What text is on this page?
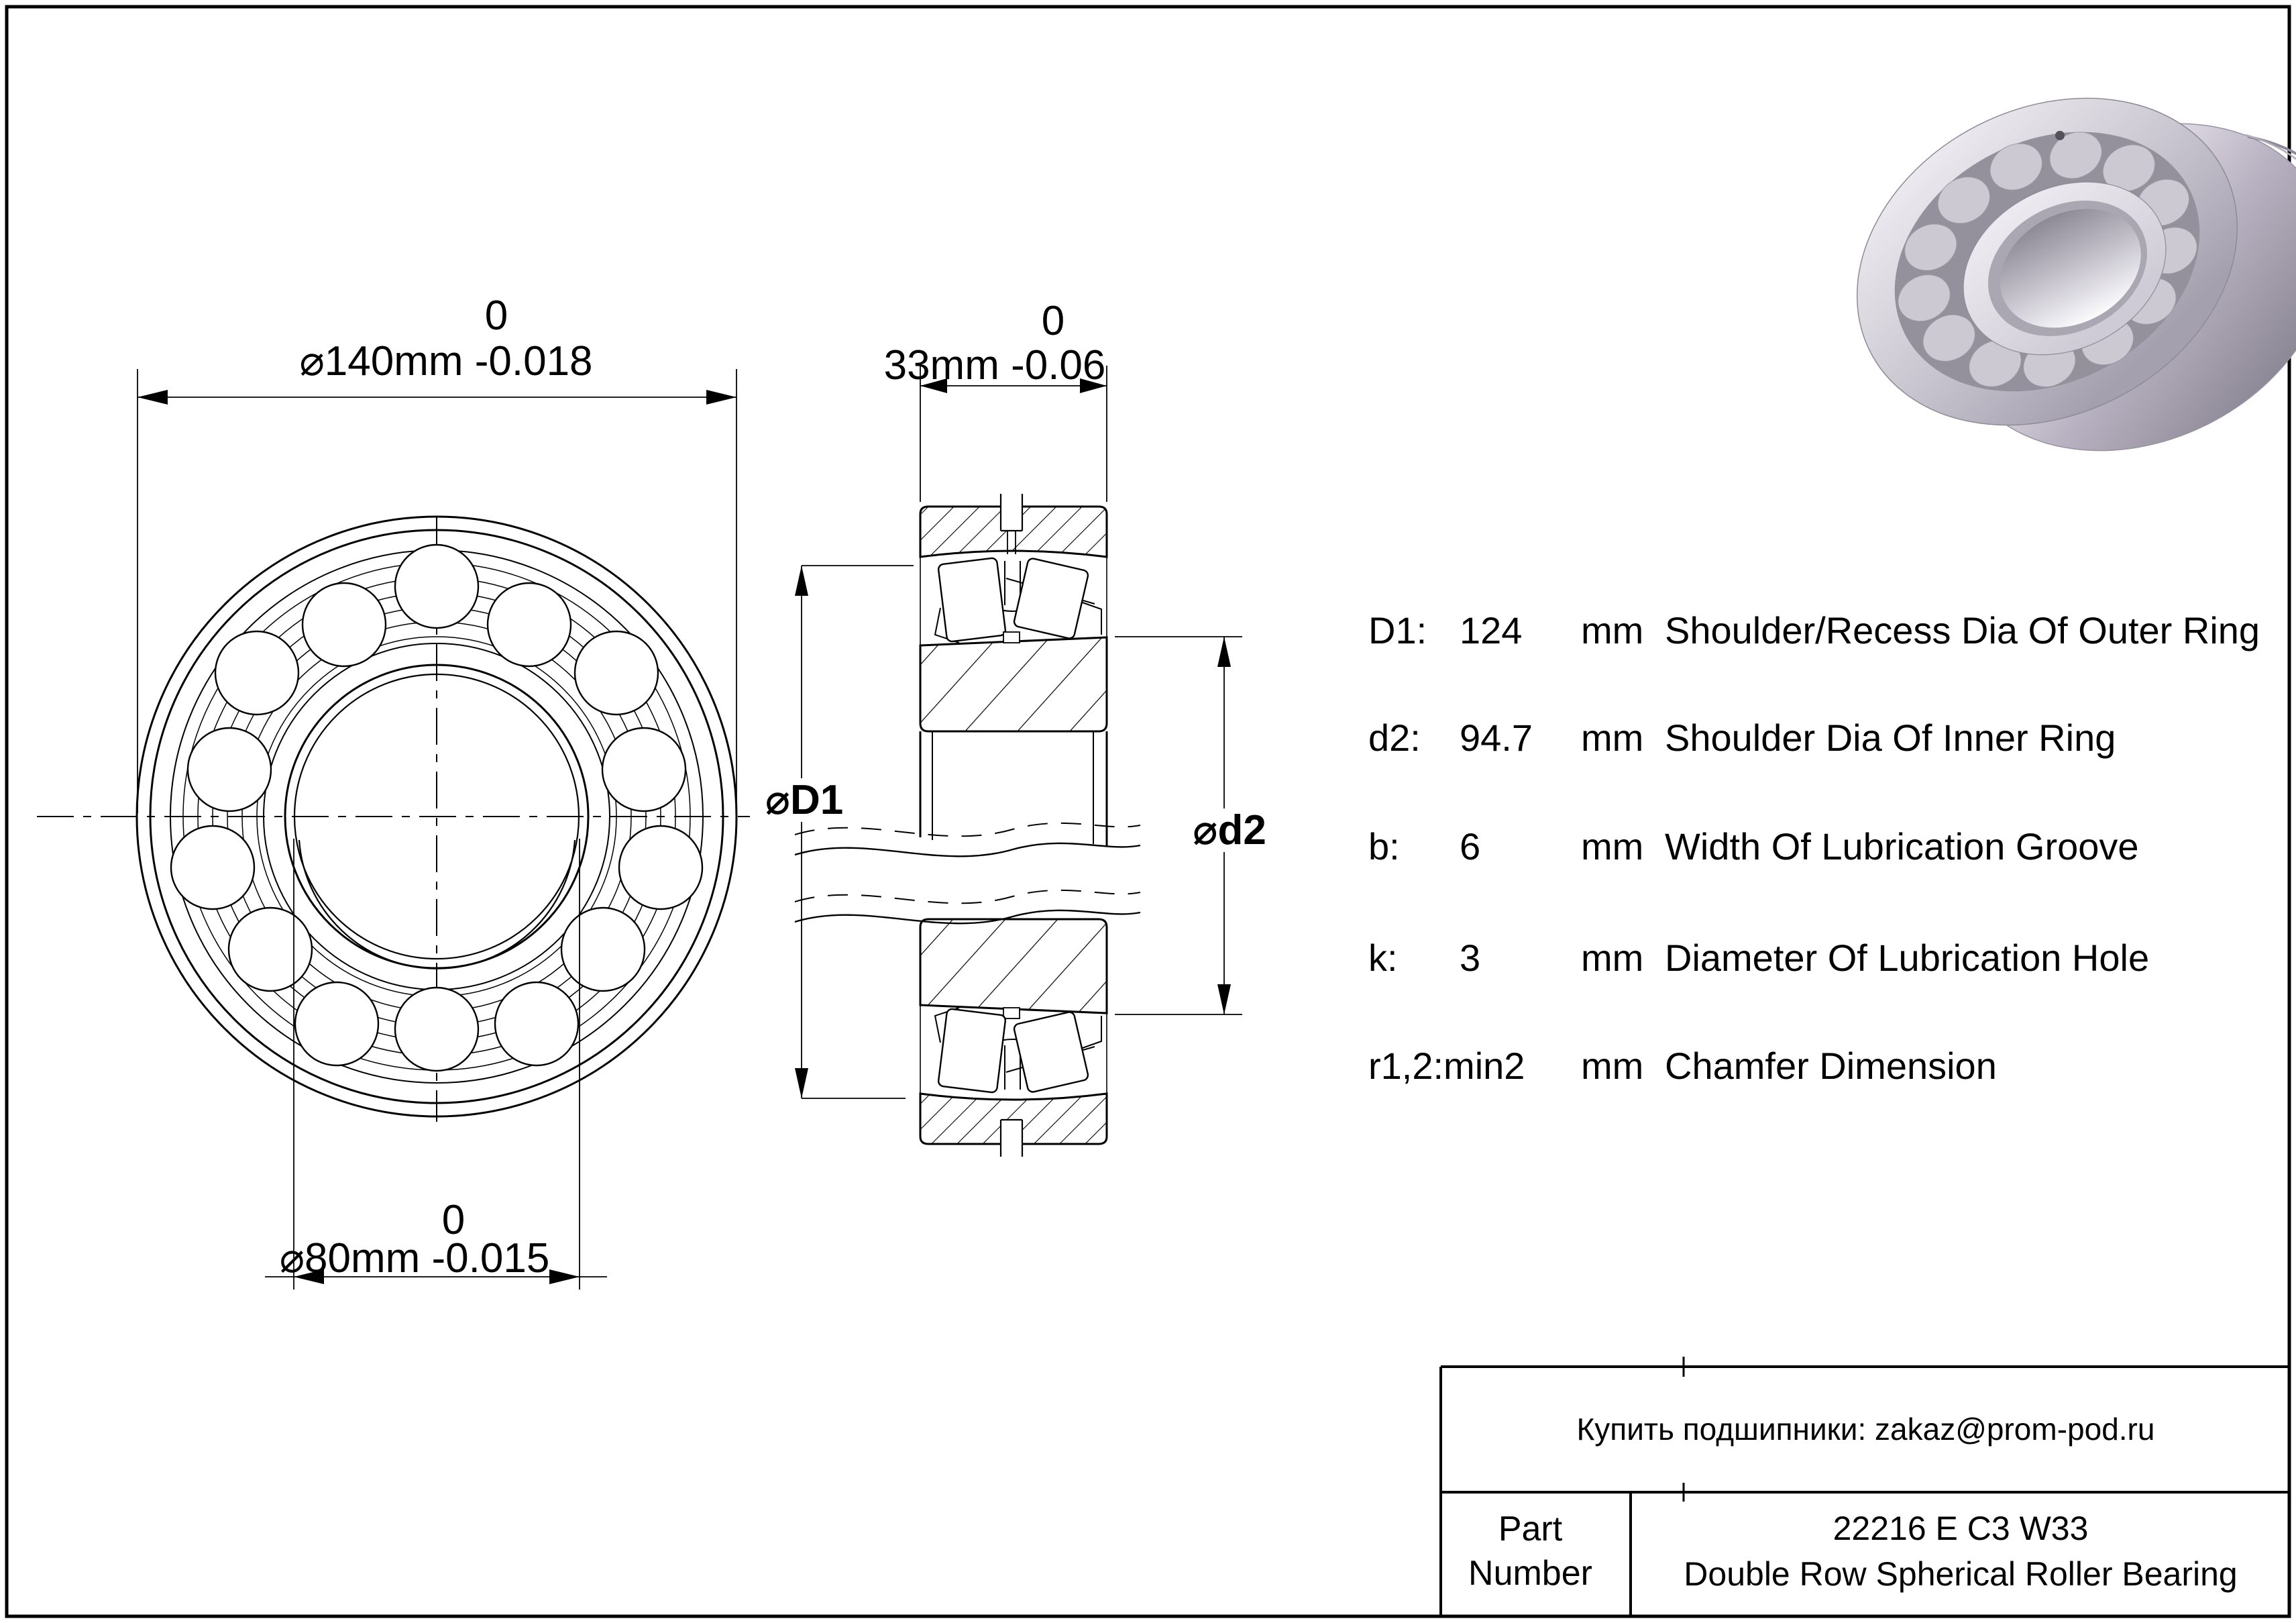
0
⌀140mm -0.018
0
33mm -0.06
0
⌀80mm -0.015
⌀D1
⌀d2
D1: 124 mm Shoulder/Recess Dia Of Outer Ring
d2: 94.7 mm Shoulder Dia Of Inner Ring
b: 6	mm Width Of Lubrication Groove
k: 3	mm Diameter Of Lubrication Hole
r1,2:min2 mm Chamfer Dimension
Купить подшипники: zakaz@prom-pod.ru
Part Number
22216 E C3 W33
Double Row Spherical Roller Bearing
